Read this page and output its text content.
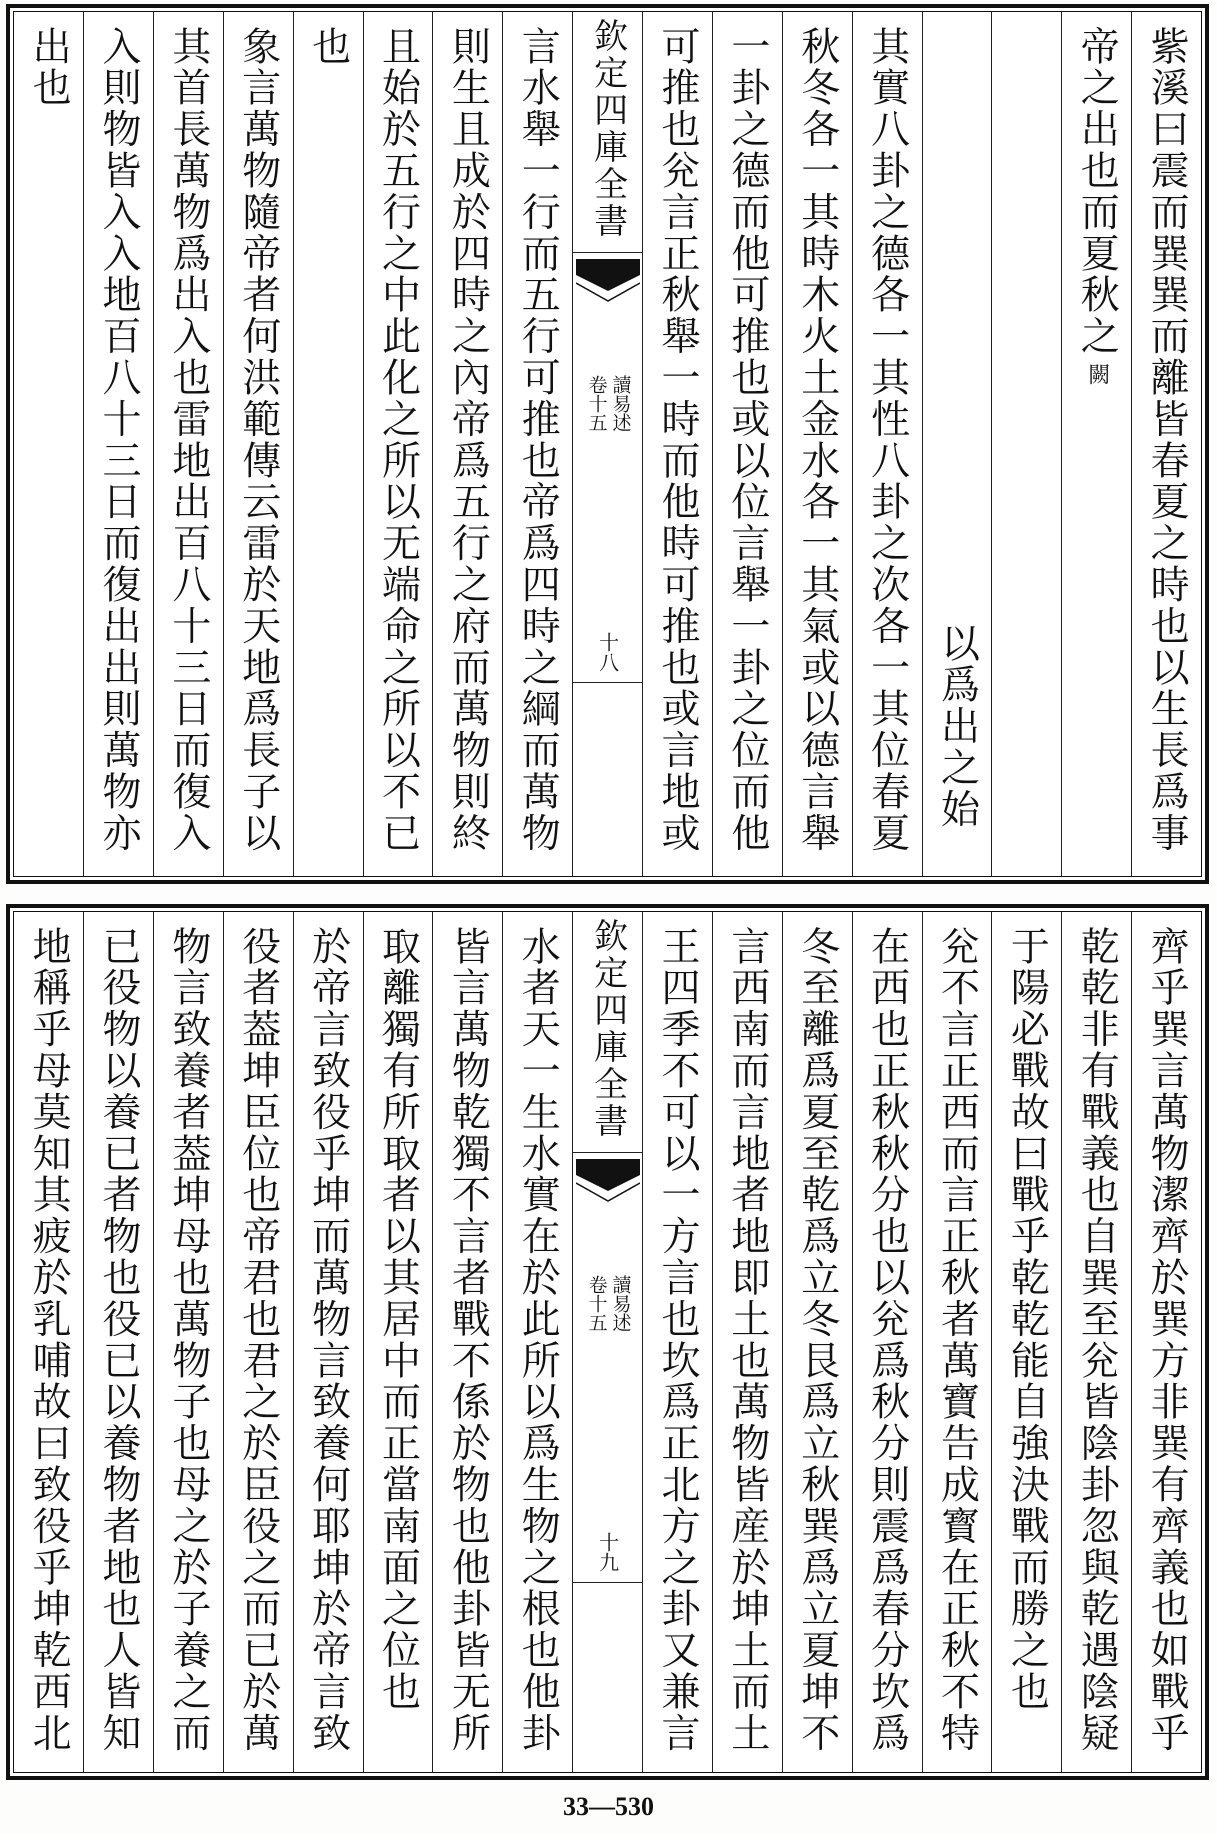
紫溪曰震而巽巽而離皆春夏之時也以生長爲事
帝之出也而夏秋之
闕
以爲出之始
其實八卦之德各一其性八卦之次各一其位春夏
秋冬各一其時木火土金水各一其氣或以德言舉
一卦之德而他可推也或以位言舉一卦之位而他
可推也兊言正秋舉一時而他時可推也或言地或
欽定四庫全書
讀易述
卷十五
十八
言水舉一行而五行可推也帝爲四時之綱而萬物
則生且成於四時之內帝爲五行之府而萬物則終
且始於五行之中此化之所以无端命之所以不已
也
象言萬物隨帝者何洪範傳云雷於天地爲長子以
其首長萬物爲出入也雷地出百八十三日而復入
入則物皆入入地百八十三日而復出出則萬物亦
出也
齊乎巽言萬物潔齊於巽方非巽有齊義也如戰乎
乾乾非有戰義也自巽至兊皆陰卦忽與乾遇陰疑
于陽必戰故曰戰乎乾乾能自強決戰而勝之也
兊不言正西而言正秋者萬寶告成寳在正秋不特
在西也正秋秋分也以兊爲秋分則震爲春分坎爲
冬至離爲夏至乾爲立冬艮爲立秋巽爲立夏坤不
言西南而言地者地即土也萬物皆産於坤土而土
王四季不可以一方言也坎爲正北方之卦又兼言
欽定四庫全書
讀易述
卷十五
十九
水者天一生水實在於此所以爲生物之根也他卦
皆言萬物乾獨不言者戰不係於物也他卦皆无所
取離獨有所取者以其居中而正當南面之位也
於帝言致役乎坤而萬物言致養何耶坤於帝言致
役者葢坤臣位也帝君也君之於臣役之而已於萬
物言致養者葢坤母也萬物子也母之於子養之而
已役物以養已者物也役已以養物者地也人皆知
地稱乎母莫知其疲於乳哺故曰致役乎坤乾西北
33—530
